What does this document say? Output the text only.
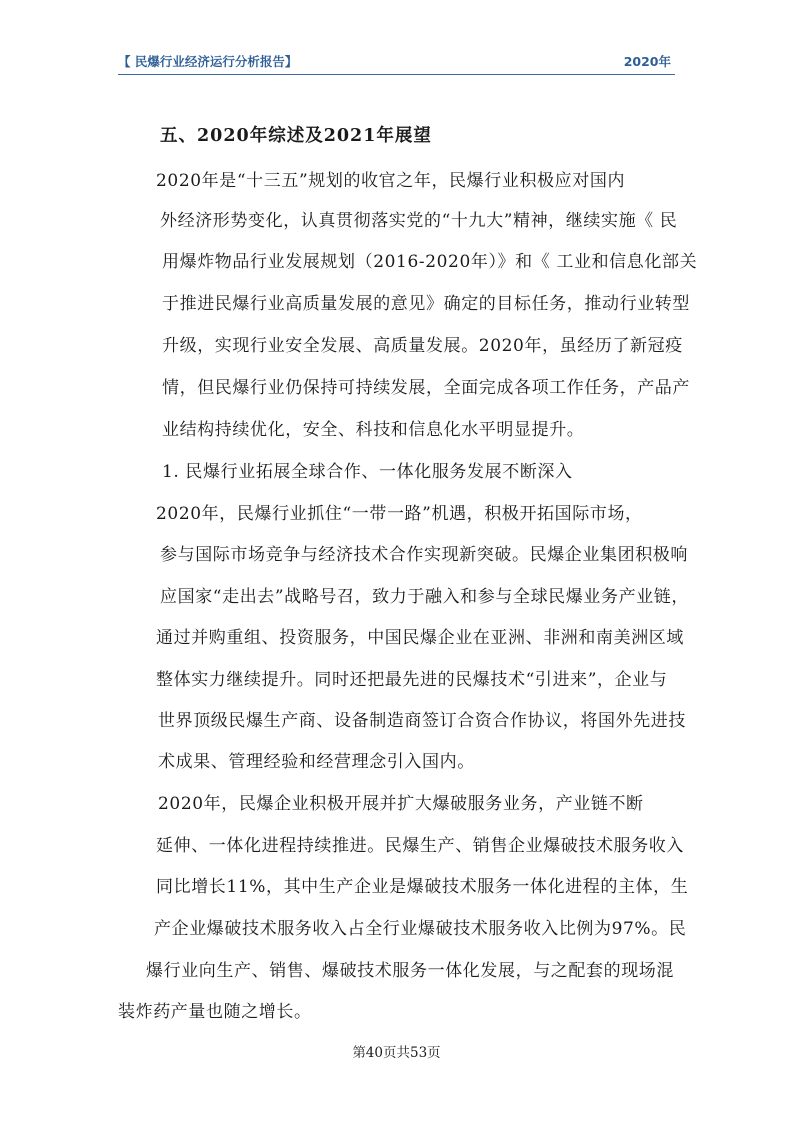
【 民爆行业经济运行分析报告】	2020年
五、2020年综述及2021年展望
2020年是“十三五”规划的收官之年，民爆行业积极应对国内
外经济形势变化，认真贯彻落实党的“十九大”精神，继续实施《 民
用爆炸物品行业发展规划（2016-2020年）》和《 工业和信息化部关
于推进民爆行业高质量发展的意见》确定的目标任务，推动行业转型
升级，实现行业安全发展、高质量发展。2020年，虽经历了新冠疫
情，但民爆行业仍保持可持续发展，全面完成各项工作任务，产品产
业结构持续优化，安全、科技和信息化水平明显提升。
1. 民爆行业拓展全球合作、一体化服务发展不断深入
2020年，民爆行业抓住“一带一路”机遇，积极开拓国际市场，
参与国际市场竞争与经济技术合作实现新突破。民爆企业集团积极响
应国家“走出去”战略号召，致力于融入和参与全球民爆业务产业链，
通过并购重组、投资服务，中国民爆企业在亚洲、非洲和南美洲区域
整体实力继续提升。同时还把最先进的民爆技术“引进来”，企业与
世界顶级民爆生产商、设备制造商签订合资合作协议，将国外先进技
术成果、管理经验和经营理念引入国内。
2020年，民爆企业积极开展并扩大爆破服务业务，产业链不断
延伸、一体化进程持续推进。民爆生产、销售企业爆破技术服务收入
同比增长11%，其中生产企业是爆破技术服务一体化进程的主体，生
产企业爆破技术服务收入占全行业爆破技术服务收入比例为97%。民
爆行业向生产、销售、爆破技术服务一体化发展，与之配套的现场混
装炸药产量也随之增长。
第40页共53页
